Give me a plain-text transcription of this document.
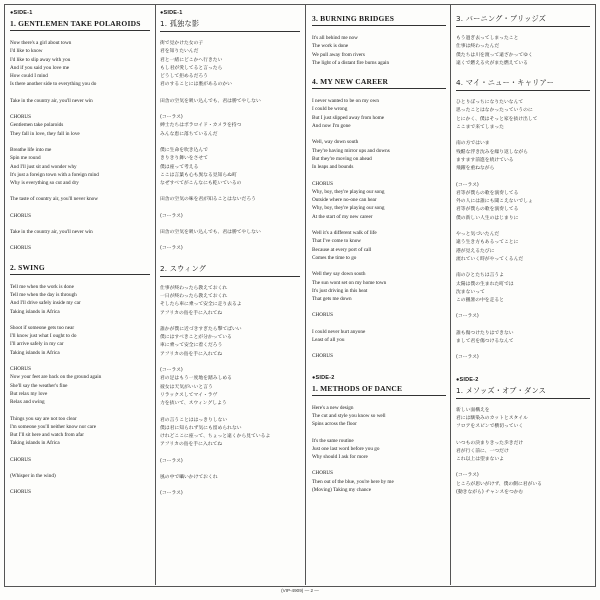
●SIDE-1
1. GENTLEMEN TAKE POLAROIDS
Now there's a girl about town
I'd like to know
I'd like to slip away with you
And if you said you love me
How could I mind
Is there another side to everything you do
Take in the country air, you'll never win
CHORUS
Gentlemen take polaroids
They fall in love, they fall in love
Breathe life into me
Spin me round
And I'll just sit and wonder why
It's just a foreign town with a foreign mind
Why is everything so cut and dry
The taste of country air, you'll never know
CHORUS
Take in the country air, you'll never win
CHORUS
2. SWING
Tell me when the work is done
Tell me when the day is through
And I'll drive safely inside my car
Taking islands in Africa
Shoot if someone gets too near
I'll know just what I ought to do
I'll arrive safely in my car
Taking islands in Africa
CHORUS
Now your feet are back on the ground again
She'll say the weather's fine
But relax my love
Relax and swing
Things you say are not too clear
I'm someone you'll neither know nor care
But I'll sit here and watch from afar
Taking islands in Africa
CHORUS
(Whisper in the wind)
CHORUS
●SIDE-1
1. 孤独な影
街で見かけた女の子
君を知りたいんだ
君と一緒にどこかへ行きたい
もし君が愛してると言ったら
どうして拒めるだろう
君のすることには裏があるのかい
田舎の空気を吸い込んでも、君は勝てやしない
(コーラス)
紳士たちはポラロイド・カメラを持つ
みんな恵に落ちているんだ
僕に生命を吹き込んで
きりきり舞いをさせて
僕は座って考える
ここは言葉も心も異なる見知らぬ町
なぜすべてがこんなにも乾いているの
田舎の空気の味を君が知ることはないだろう
(コーラス)
田舎の空気を吸い込んでも、君は勝てやしない
(コーラス)
2. スウィング
仕事が終わったら教えておくれ
一日が終わったら教えておくれ
そしたら車に乗って安全に走り去るよ
アフリカの島を手に入れてね
誰かが僕に近づきすぎたら撃てばいい
僕にはすべきことが分かっている
車に乗って安全に着くだろう
アフリカの島を手に入れてね
(コーラス)
君の足はもう一度地を踏みしめる
彼女は天気がいいと言う
リラックスしてマイ・ラヴ
力を抜いて、スウィングしよう
君の言うことははっきりしない
僕は君に知られず気にも留められない
けれどここに座って、ちょっと遠くから見ているよ
アフリカの島を手に入れてね
(コーラス)
風の中で囁いかけておくれ
(コーラス)
3. BURNING BRIDGES
It's all behind me now
The work is done
We pull away from rivers
The light of a distant fire burns again
4. MY NEW CAREER
I never wanted to be on my own
I could be wrong
But I just slipped away from home
And now I'm gone
Well, way down south
They're having mirror ups and downs
But they're moving on ahead
In leaps and bounds
CHORUS
Why, boy, they're playing our song
Outside where no-one can hear
Why, boy, they're playing our song
At the start of my new career
Well it's a different walk of life
That I've come to know
Because at every port of call
Comes the time to go
Well they say down south
The sun wont set on my home town
It's just driving in this heat
That gets me down
CHORUS
I could never hurt anyone
Least of all you
CHORUS
●SIDE-2
1. METHODS OF DANCE
Here's a new design
The cut and style you know so well
Spins across the floor
It's the same routine
Just one last word before you go
Why should I ask for more
CHORUS
Then out of the blue, you're here by me
(Moving) Taking my chance
3. バーニング・ブリッジズ
もう過ぎ去ってしまったこと
仕事は終わったんだ
僕たちは川を渡って遠ざかってゆく
遠くで燃える火がまた燃えている
4. マイ・ニュー・キャリアー
ひとりぼっちになりたいなんて
思ったことはなかったっていうのに
とにかく、僕はそっと家を抜け出して
ここまで来てしまった
南の方ではいま
残酷な浮き沈みを繰り返しながら
ますます前進を続けている
飛躍を重ねながら
(コーラス)
君等が僕らの歌を演奏してる
外の人には誰にも聞こえないでしょ
君等が僕らの歌を演奏してる
僕の新しい人生のはじまりに
やっと気づいたんだ
違う生き方もあるってことに
港が見えるたびに
流れていく時がやってくるんだ
南のひとたちは言うよ
太陽は僕の生まれた町では
沈まないって
この猦暑の中を走ると
(コーラス)
誰も傷つけたりはできない
まして君を傷つけるなんて
(コーラス)
●SIDE-2
1. メソッズ・オブ・ダンス
新しい面構えを
君には馴染みのカットとスタイル
フロアをスピンで横切っていく
いつもの決まりきった歩きだけ
君が行く前に、一つだけ
これ以上は望まないよ
(コーラス)
ところが思いがけず、僕の側に君がいる
(動きながら) チャンスをつかむ
(VIP-4909) — 2 —
